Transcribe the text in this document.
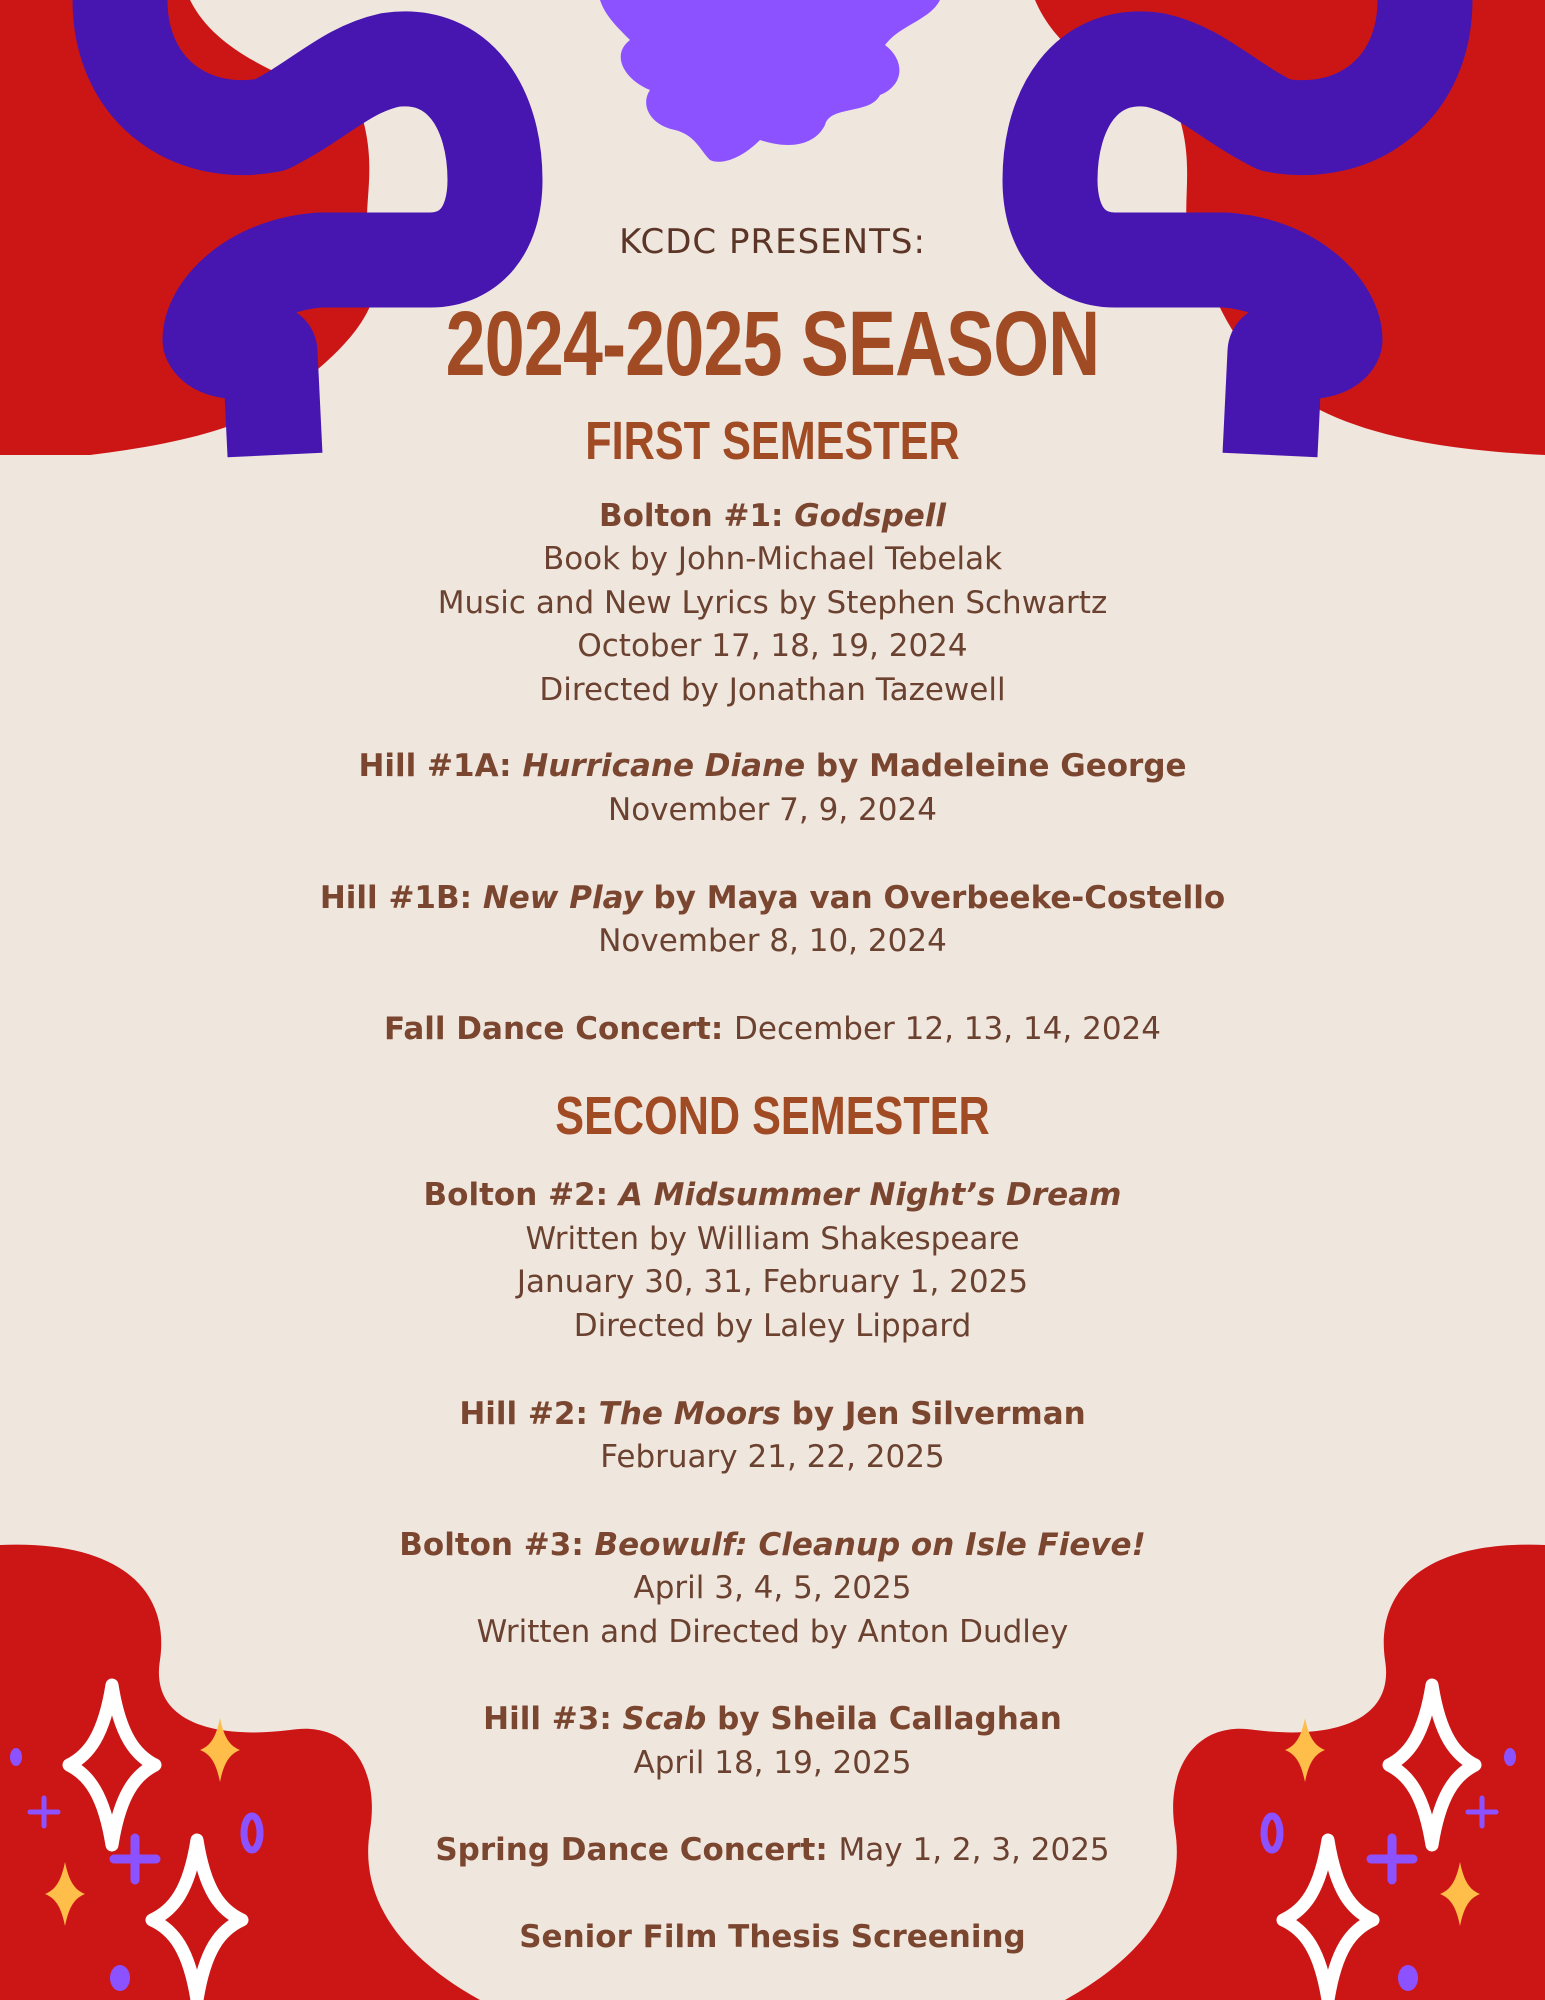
KCDC PRESENTS:
2024-2025 SEASON
FIRST SEMESTER
Bolton #1: Godspell
Book by John-Michael Tebelak
Music and New Lyrics by Stephen Schwartz
October 17, 18, 19, 2024
Directed by Jonathan Tazewell
Hill #1A: Hurricane Diane by Madeleine George
November 7, 9, 2024
Hill #1B: New Play by Maya van Overbeeke-Costello
November 8, 10, 2024
Fall Dance Concert: December 12, 13, 14, 2024
SECOND SEMESTER
Bolton #2: A Midsummer Night’s Dream
Written by William Shakespeare
January 30, 31, February 1, 2025
Directed by Laley Lippard
Hill #2: The Moors by Jen Silverman
February 21, 22, 2025
Bolton #3: Beowulf: Cleanup on Isle Fieve!
April 3, 4, 5, 2025
Written and Directed by Anton Dudley
Hill #3: Scab by Sheila Callaghan
April 18, 19, 2025
Spring Dance Concert: May 1, 2, 3, 2025
Senior Film Thesis Screening
